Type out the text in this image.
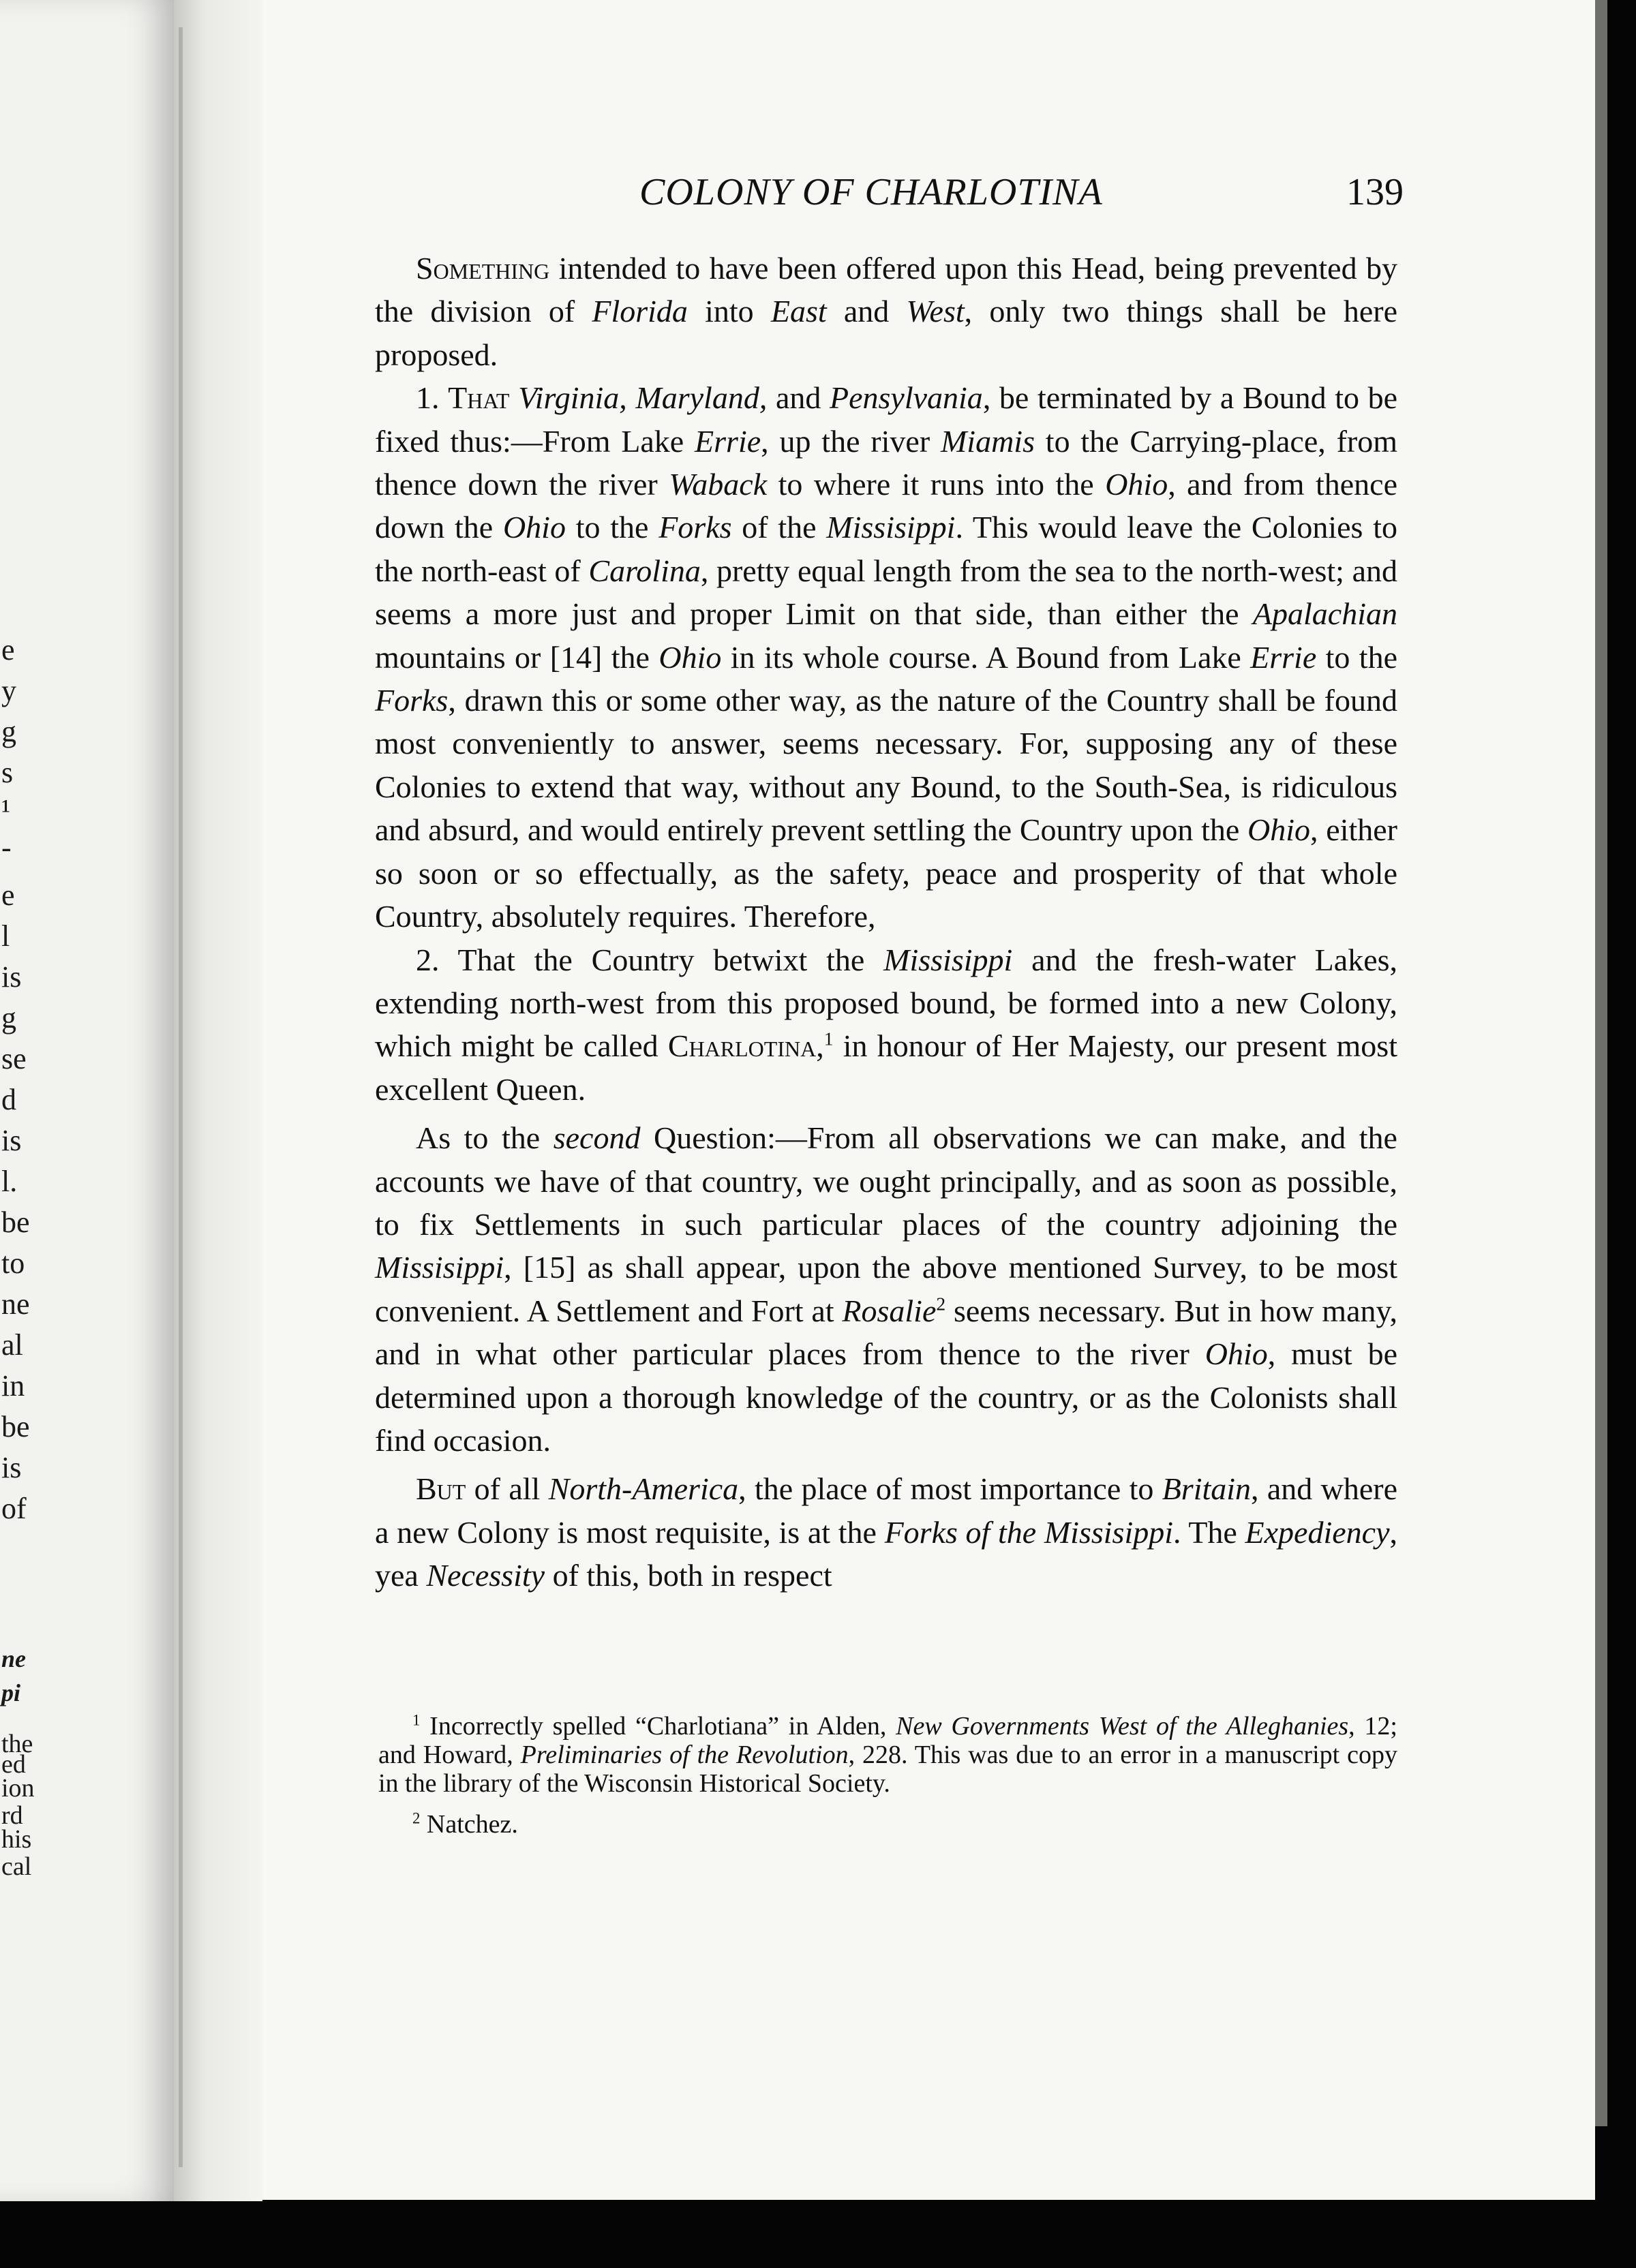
e
y
g
s
¹
-
e
l
is
g
se
d
is
l.
be
to
ne
al
in
be
is
of
ne
pi
the
ed
ion
rd
his
cal
COLONY OF CHARLOTINA	139

Something intended to have been offered upon this Head, being prevented by the division of Florida into East and West, only two things shall be here proposed.

1. That Virginia, Maryland, and Pensylvania, be terminated by a Bound to be fixed thus:—From Lake Errie, up the river Miamis to the Carrying-place, from thence down the river Waback to where it runs into the Ohio, and from thence down the Ohio to the Forks of the Missisippi. This would leave the Colonies to the north-east of Carolina, pretty equal length from the sea to the north-west; and seems a more just and proper Limit on that side, than either the Apalachian mountains or [14] the Ohio in its whole course. A Bound from Lake Errie to the Forks, drawn this or some other way, as the nature of the Country shall be found most conveniently to answer, seems necessary. For, supposing any of these Colonies to extend that way, without any Bound, to the South-Sea, is ridiculous and absurd, and would entirely prevent settling the Country upon the Ohio, either so soon or so effectually, as the safety, peace and prosperity of that whole Country, absolutely requires. Therefore,

2. That the Country betwixt the Missisippi and the fresh-water Lakes, extending north-west from this proposed bound, be formed into a new Colony, which might be called Charlotina,$^1$ in honour of Her Majesty, our present most excellent Queen.

As to the second Question:—From all observations we can make, and the accounts we have of that country, we ought principally, and as soon as possible, to fix Settlements in such particular places of the country adjoining the Missisippi, [15] as shall appear, upon the above mentioned Survey, to be most convenient. A Settlement and Fort at Rosalie$^2$ seems necessary. But in how many, and in what other particular places from thence to the river Ohio, must be determined upon a thorough knowledge of the country, or as the Colonists shall find occasion.

But of all North-America, the place of most importance to Britain, and where a new Colony is most requisite, is at the Forks of the Missisippi. The Expediency, yea Necessity of this, both in respect

$^1$ Incorrectly spelled “Charlotiana” in Alden, New Governments West of the Alleghanies, 12; and Howard, Preliminaries of the Revolution, 228. This was due to an error in a manuscript copy in the library of the Wisconsin Historical Society.

$^2$ Natchez.
